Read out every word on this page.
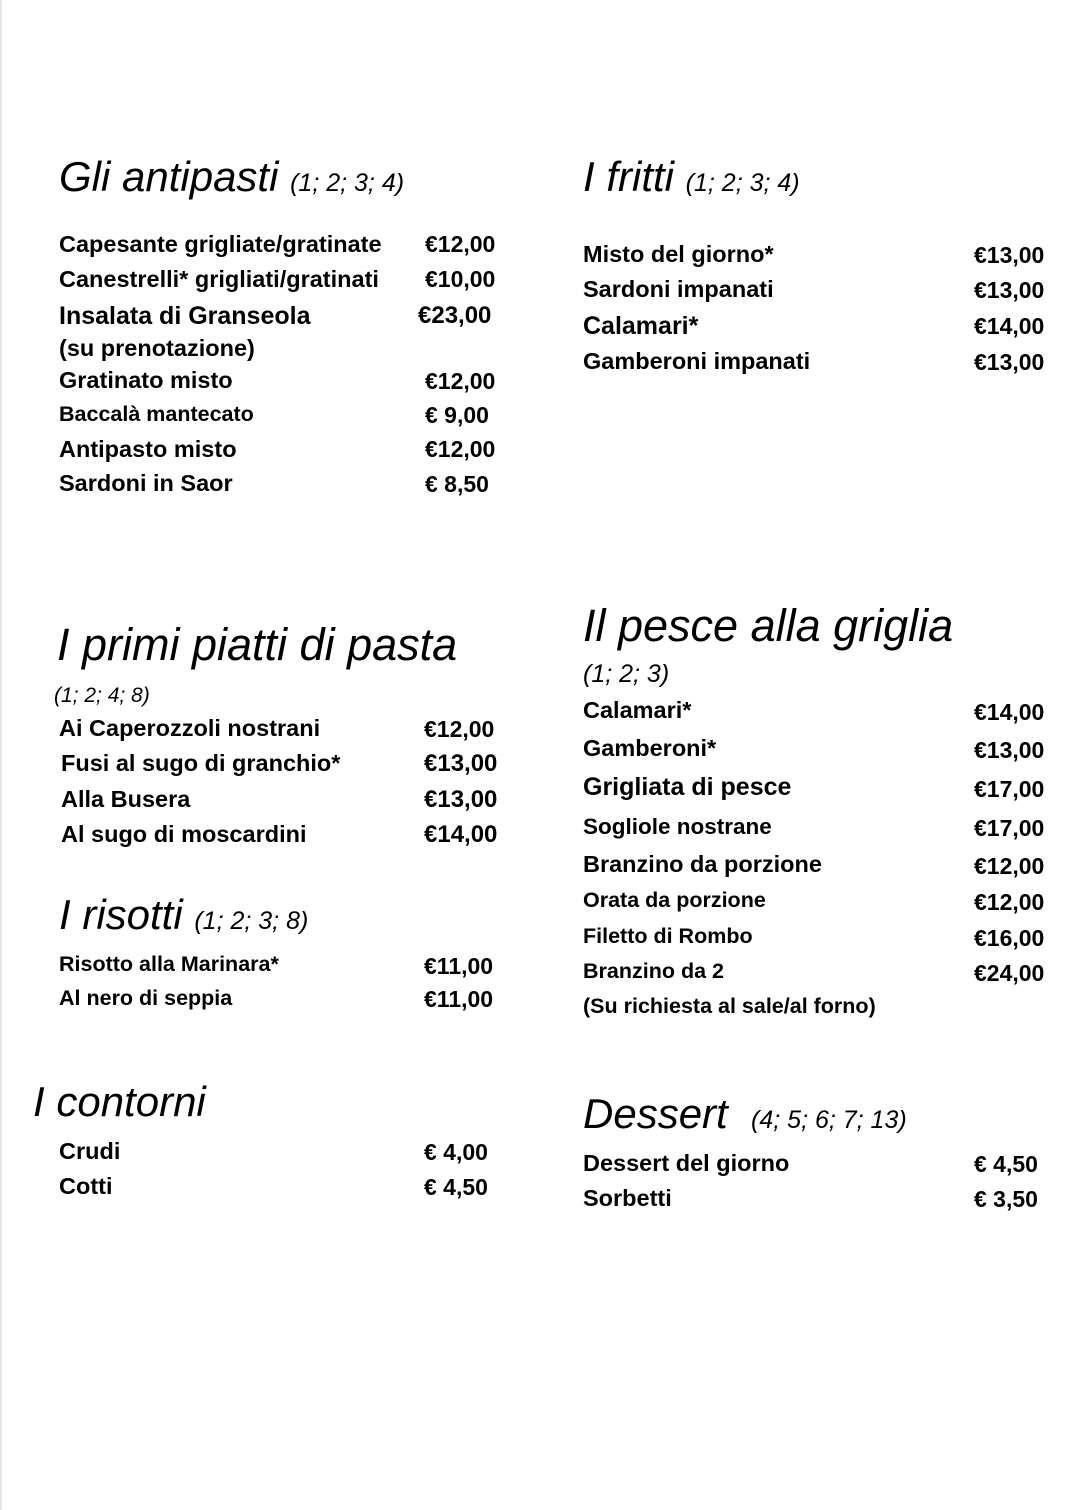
Gli antipasti (1; 2; 3; 4)
Capesante grigliate/gratinate €12,00
Canestrelli* grigliati/gratinati €10,00
Insalata di Granseola	€23,00
(su prenotazione)
Gratinato misto	€12,00
Baccalà mantecato	€ 9,00
Antipasto misto	€12,00
Sardoni in Saor	€ 8,50
I fritti (1; 2; 3; 4)
Misto del giorno*	€13,00
Sardoni impanati	€13,00
Calamari*	€14,00
Gamberoni impanati	€13,00
I primi piatti di pasta
(1; 2; 4; 8)
Ai Caperozzoli nostrani	€12,00
Fusi al sugo di granchio*	€13,00
Alla Busera	€13,00
Al sugo di moscardini	€14,00
Il pesce alla griglia
(1; 2; 3)
Calamari*	€14,00
Gamberoni*	€13,00
Grigliata di pesce	€17,00
Sogliole nostrane	€17,00
Branzino da porzione	€12,00
Orata da porzione	€12,00
Filetto di Rombo	€16,00
Branzino da 2	€24,00
(Su richiesta al sale/al forno)
I risotti (1; 2; 3; 8)
Risotto alla Marinara*	€11,00
Al nero di seppia	€11,00
I contorni
Crudi	€ 4,00
Cotti	€ 4,50
Dessert (4; 5; 6; 7; 13)
Dessert del giorno	€ 4,50
Sorbetti	€ 3,50
